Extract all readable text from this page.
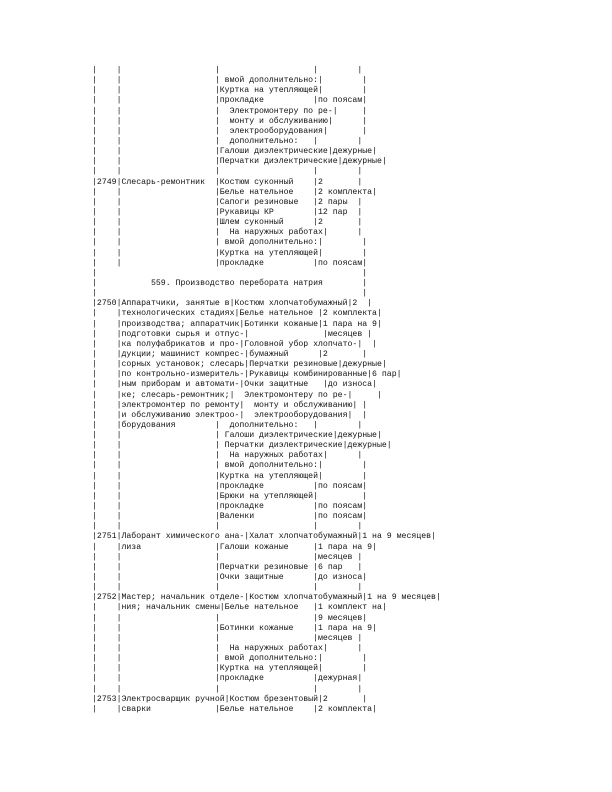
|    |                   |                   |        |
|    |                   | вмой дополнительно:|        |
|    |                   |Куртка на утепляющей|        |
|    |                   |прокладке          |по поясам|
|    |                   |  Электромонтеру по ре-|     |
|    |                   |  монту и обслуживанию|      |
|    |                   |  электрооборудования|       |
|    |                   |  дополнительно:   |        |
|    |                   |Галоши диэлектрические|дежурные|
|    |                   |Перчатки диэлектрические|дежурные|
|    |                   |                   |        |
|2749|Слесарь-ремонтник  |Костюм суконный    |2       |
|    |                   |Белье нательное    |2 комплекта|
|    |                   |Сапоги резиновые   |2 пары  |
|    |                   |Рукавицы КР        |12 пар  |
|    |                   |Шлем суконный      |2       |
|    |                   |  На наружных работах|      |
|    |                   | вмой дополнительно:|        |
|    |                   |Куртка на утепляющей|        |
|    |                   |прокладке          |по поясам|
|                                                      |
|           559. Производство перебората натрия        |
|                                                      |
|2750|Аппаратчики, занятые в|Костюм хлопчатобумажный|2  |
|    |технологических стадиях|Белье нательное |2 комплекта|
|    |производства; аппаратчик|Ботинки кожаные|1 пара на 9|
|    |подготовки сырья и отпус-|               |месяцев |
|    |ка полуфабрикатов и про-|Головной убор хлопчато-|  |
|    |дукции; машинист компрес-|бумажный      |2       |
|    |сорных установок; слесарь|Перчатки резиновые|дежурные|
|    |по контрольно-измеритель-|Рукавицы комбинированные|6 пар|
|    |ным приборам и автомати-|Очки защитные   |до износа|
|    |ке; слесарь-ремонтник;|  Электромонтеру по ре-|     |
|    |электромонтер по ремонту|  монту и обслуживанию| |
|    |и обслуживанию электроо-|  электрооборудования|  |
|    |борудования        |  дополнительно:   |        |
|    |                   | Галоши диэлектрические|дежурные|
|    |                   | Перчатки диэлектрические|дежурные|
|    |                   |  На наружных работах|      |
|    |                   | вмой дополнительно:|        |
|    |                   |Куртка на утепляющей|        |
|    |                   |прокладке          |по поясам|
|    |                   |Брюки на утепляющей|         |
|    |                   |прокладке          |по поясам|
|    |                   |Валенки            |по поясам|
|    |                   |                   |        |
|2751|Лаборант химического ана-|Халат хлопчатобумажный|1 на 9 месяцев|
|    |лиза               |Галоши кожаные     |1 пара на 9|
|    |                   |                   |месяцев |
|    |                   |Перчатки резиновые |6 пар   |
|    |                   |Очки защитные      |до износа|
|    |                   |                   |        |
|2752|Мастер; начальник отделе-|Костюм хлопчатобумажный|1 на 9 месяцев|
|    |ния; начальник смены|Белье нательное   |1 комплект на|
|    |                   |                   |9 месяцев|
|    |                   |Ботинки кожаные    |1 пара на 9|
|    |                   |                   |месяцев |
|    |                   |  На наружных работах|      |
|    |                   | вмой дополнительно:|        |
|    |                   |Куртка на утепляющей|        |
|    |                   |прокладке          |дежурная|
|    |                   |                   |        |
|2753|Электросварщик ручной|Костюм брезентовый|2       |
|    |сварки             |Белье нательное    |2 комплекта|
